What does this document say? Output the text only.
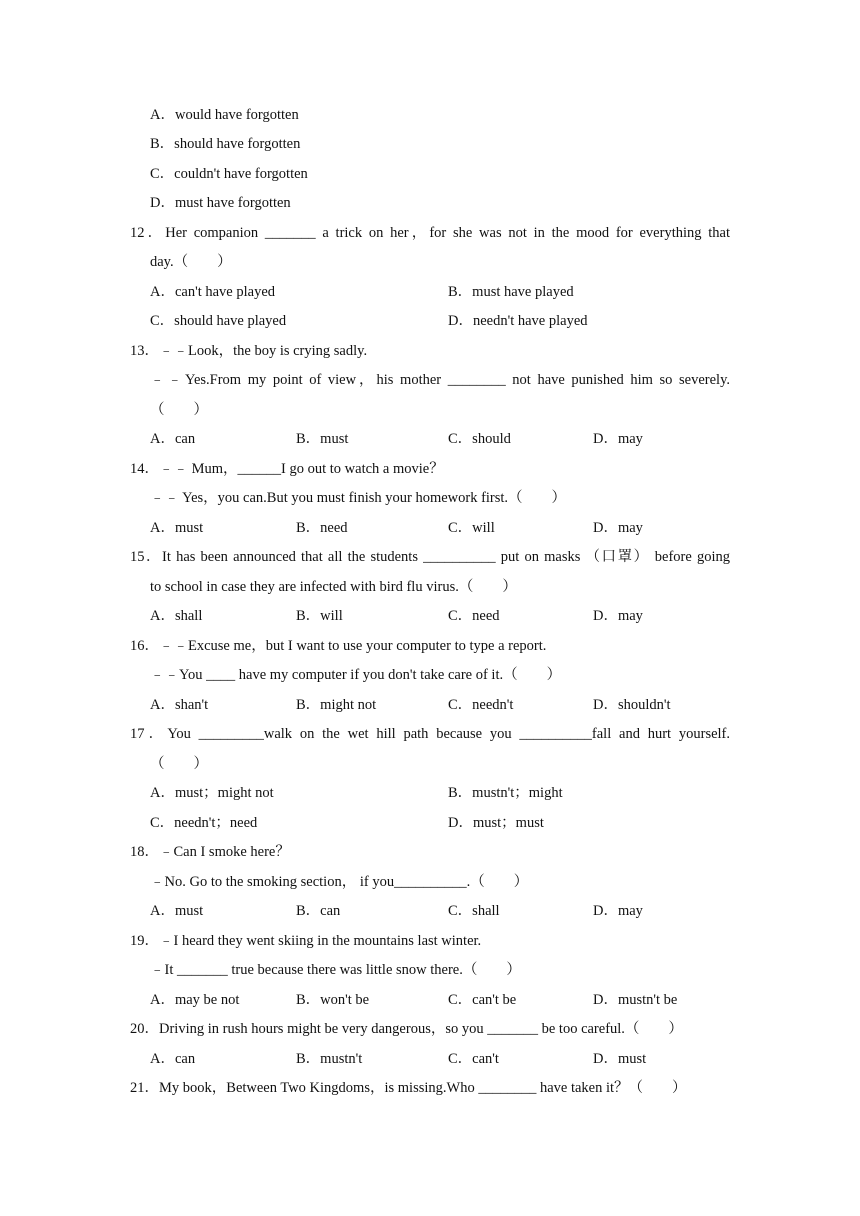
A．would have forgotten
B．should have forgotten
C．couldn't have forgotten
D．must have forgotten
12．Her companion _______ a trick on her，for she was not in the mood for everything that
day.（　　）
A．can't have played	B．must have played
C．should have played	D．needn't have played
13．﹣﹣Look，the boy is crying sadly.
﹣﹣Yes.From my point of view，his mother ________ not have punished him so severely.
（　　）
A．can	B．must	C．should	D．may
14．﹣﹣ Mum，______I go out to watch a movie？
﹣﹣ Yes，you can.But you must finish your homework first.（　　）
A．must	B．need	C．will	D．may
15．It has been announced that all the students __________ put on masks （口罩） before going
to school in case they are infected with bird flu virus.（　　）
A．shall	B．will	C．need	D．may
16．﹣﹣Excuse me，but I want to use your computer to type a report.
﹣﹣You ____ have my computer if you don't take care of it.（　　）
A．shan't	B．might not	C．needn't	D．shouldn't
17．You _________walk on the wet hill path because you __________fall and hurt yourself.
（　　）
A．must；might not	B．mustn't；might
C．needn't；need	D．must；must
18．﹣Can I smoke here？
﹣No. Go to the smoking section， if you__________.（　　）
A．must	B．can	C．shall	D．may
19．﹣I heard they went skiing in the mountains last winter.
﹣It _______ true because there was little snow there.（　　）
A．may be not	B．won't be	C．can't be	D．mustn't be
20．Driving in rush hours might be very dangerous，so you _______ be too careful.（　　）
A．can	B．mustn't	C．can't	D．must
21．My book，Between Two Kingdoms，is missing.Who ________ have taken it？（　　）
